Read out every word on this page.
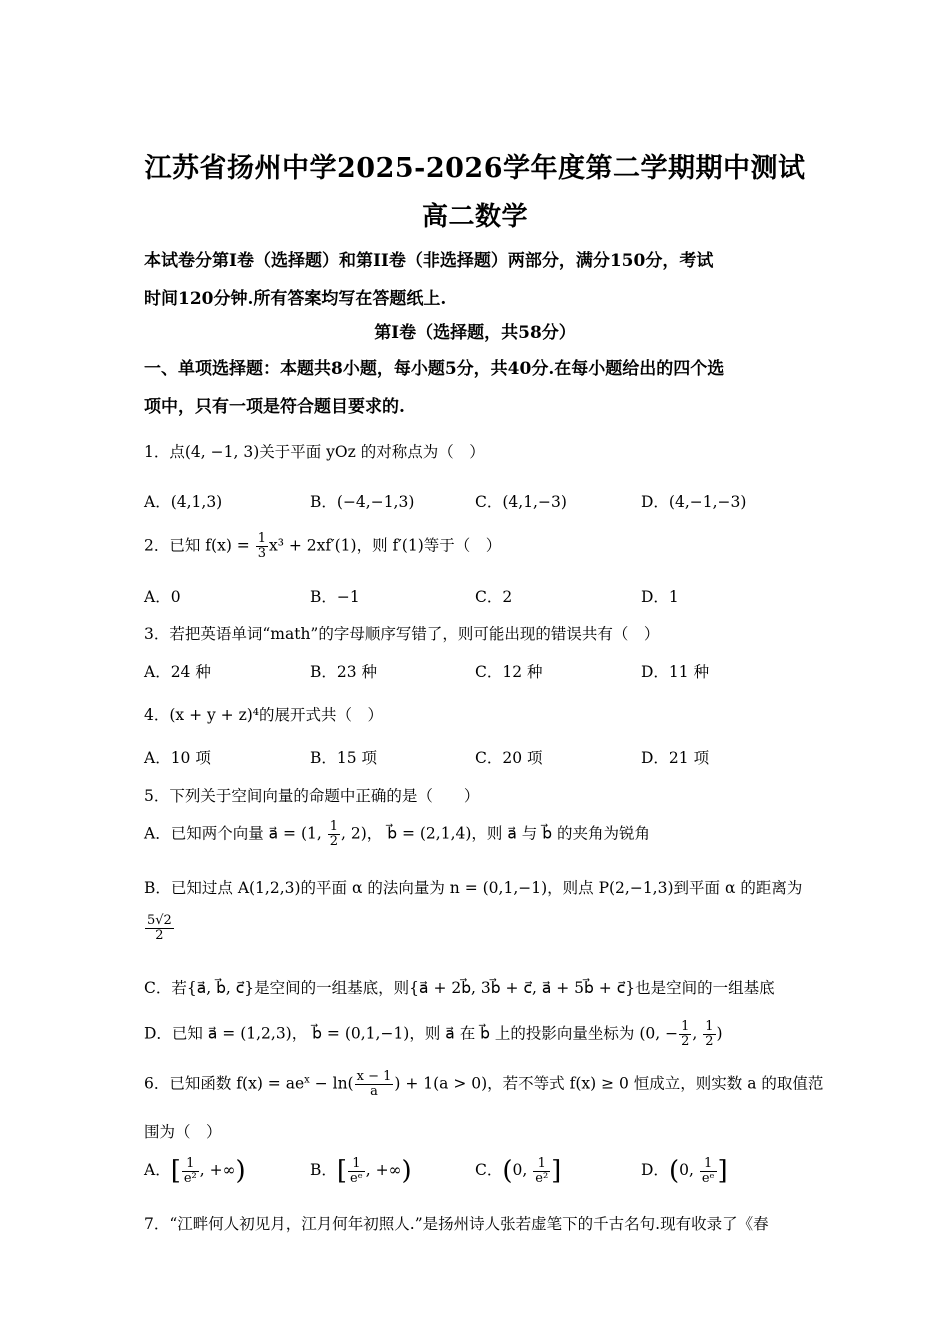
江苏省扬州中学2025-2026学年度第二学期期中测试
高二数学
本试卷分第I卷（选择题）和第II卷（非选择题）两部分，满分150分，考试
时间120分钟.所有答案均写在答题纸上.
第I卷（选择题，共58分）
一、单项选择题：本题共8小题，每小题5分，共40分.在每小题给出的四个选
项中，只有一项是符合题目要求的.
1．点(4, −1, 3)关于平面 yOz 的对称点为（　）
A．(4,1,3)	B．(−4,−1,3)	C．(4,1,−3)	D．(4,−1,−3)
2．已知 $f(x) = \frac{1}{3} x^3 + 2xf'(1)$，则 f′(1)等于（　）
A．0	B．−1	C．2	D．1
3．若把英语单词“math”的字母顺序写错了，则可能出现的错误共有（　）
A．24 种	B．23 种	C．12 种	D．11 种
4．(x + y + z)⁴的展开式共（　）
A．10 项	B．15 项	C．20 项	D．21 项
5．下列关于空间向量的命题中正确的是（　　）
A．已知两个向量 a⃗ = (1, $\frac{1}{2}$ , 2)， b⃗ = (2,1,4)，则 a⃗ 与 b⃗ 的夹角为锐角
B．已知过点 A(1,2,3)的平面 α 的法向量为 n = (0,1,−1)，则点 P(2,−1,3)到平面 α 的距离为
$\frac{5√2}{2}$
C．若{a⃗, b⃗, c⃗}是空间的一组基底，则{a⃗ + 2b⃗, 3b⃗ + c⃗, a⃗ + 5b⃗ + c⃗}也是空间的一组基底
D．已知 a⃗ = (1,2,3)， b⃗ = (0,1,−1)，则 a⃗ 在 b⃗ 上的投影向量坐标为 (0, − $\frac{1}{2}$ , $\frac{1}{2}$ )
6．已知函数 $f(x) = ae^x - \ln( \frac{x - 1}{a}$ ) + 1(a > 0)，若不等式 f(x) ≥ 0 恒成立，则实数 a 的取值范
围为（　）
A．[ $\frac{1}{\text{e²}}$ , +∞)	B．[ $\frac{1}{\text{eᵉ}}$ , +∞)	C．(0, $\frac{1}{\text{e²}}$ ]	D．(0, $\frac{1}{\text{eᵉ}}$ ]
7．“江畔何人初见月，江月何年初照人.”是扬州诗人张若虚笔下的千古名句.现有收录了《春
